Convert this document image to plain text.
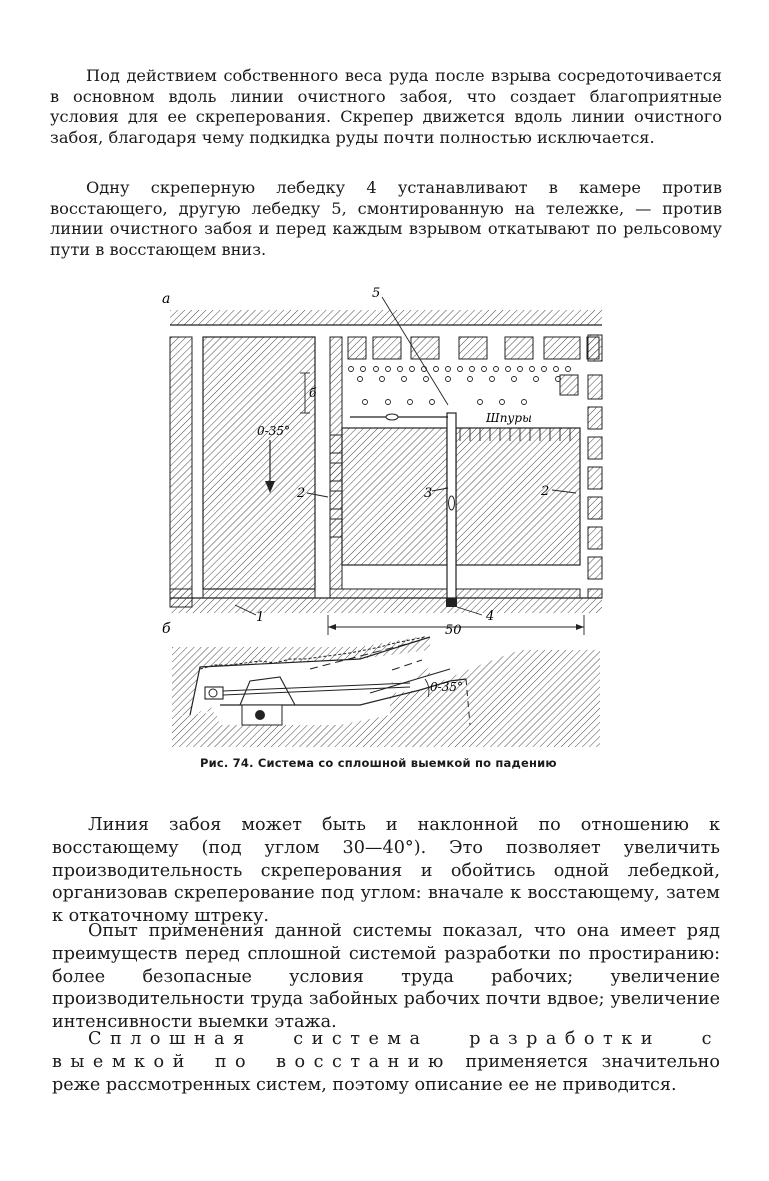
Под действием собственного веса руда после взрыва сосредоточивается в основном вдоль линии очистного забоя, что создает благоприятные условия для ее скреперования. Скрепер движется вдоль линии очистного забоя, благодаря чему подкидка руды почти полностью исключается.

Одну скреперную лебедку 4 устанавливают в камере против восстающего, другую лебедку 5, смонтированную на тележке, — против линии очистного забоя и перед каждым взрывом откатывают по рельсовому пути в восстающем вниз.

а
б
б
Шпуры
5
3
2	2
0-35°
4
1
50
0-35°
Рис. 74. Система со сплошной выемкой по падению

Линия забоя может быть и наклонной по отношению к восстающему (под углом 30—40°). Это позволяет увеличить производительность скреперования и обойтись одной лебедкой, организовав скреперование под углом: вначале к восстающему, затем к откаточному штреку.

Опыт применения данной системы показал, что она имеет ряд преимуществ перед сплошной системой разработки по простиранию: более безопасные условия труда рабочих; увеличение производительности труда забойных рабочих почти вдвое; увеличение интенсивности выемки этажа.

Сплошная система разработки с выемкой по восстанию применяется значительно реже рассмотренных систем, поэтому описание ее не приводится.
